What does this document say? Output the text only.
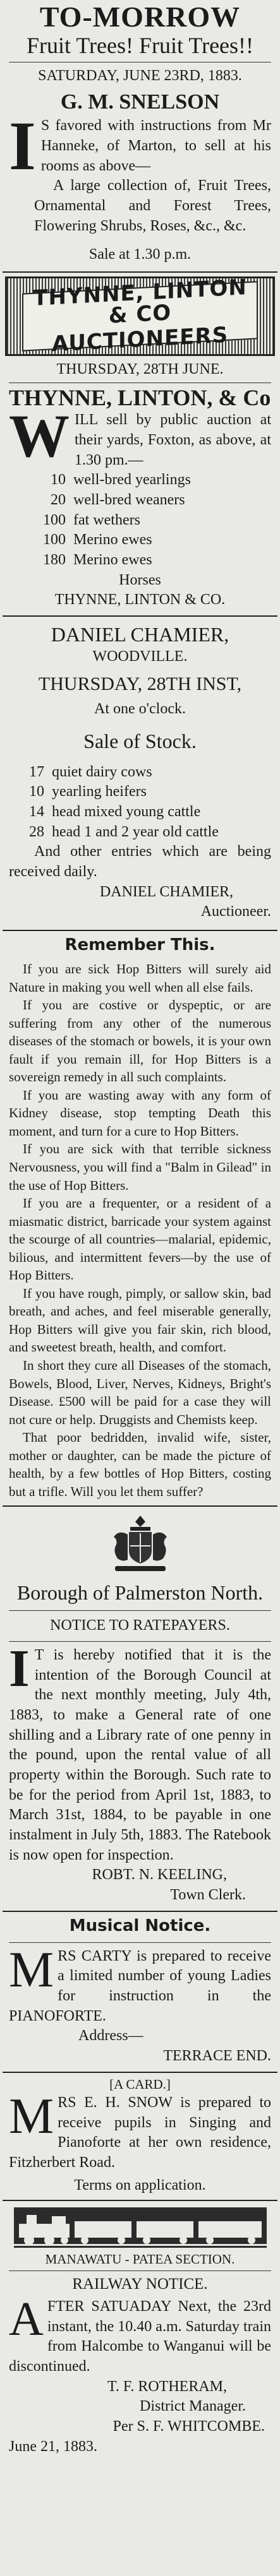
TO-MORROW
Fruit Trees! Fruit Trees!!
SATURDAY, JUNE 23RD, 1883.
G. M. SNELSON
I S favored with instructions from Mr Hanneke, of Marton, to sell at his rooms as above—
A large collection of, Fruit Trees, Ornamental and Forest Trees, Flowering Shrubs, Roses, &c., &c.
Sale at 1.30 p.m.
THYNNE, LINTON & CO
AUCTIONEERS
THURSDAY, 28TH JUNE.
THYNNE, LINTON, & Co
W ILL sell by public auction at their yards, Foxton, as above, at 1.30 pm.—
10 well-bred yearlings
20 well-bred weaners
100 fat wethers
100 Merino ewes
180 Merino ewes
Horses
THYNNE, LINTON & CO.
DANIEL CHAMIER,
WOODVILLE.
THURSDAY, 28TH INST,
At one o'clock.
Sale of Stock.
17 quiet dairy cows
10 yearling heifers
14 head mixed young cattle
28 head 1 and 2 year old cattle
And other entries which are being received daily.
DANIEL CHAMIER,
Auctioneer.
Remember This.
If you are sick Hop Bitters will surely aid Nature in making you well when all else fails.
If you are costive or dyspeptic, or are suffering from any other of the numerous diseases of the stomach or bowels, it is your own fault if you remain ill, for Hop Bitters is a sovereign remedy in all such complaints.
If you are wasting away with any form of Kidney disease, stop tempting Death this moment, and turn for a cure to Hop Bitters.
If you are sick with that terrible sickness Nervousness, you will find a "Balm in Gilead" in the use of Hop Bitters.
If you are a frequenter, or a resident of a miasmatic district, barricade your system against the scourge of all countries—malarial, epidemic, bilious, and intermittent fevers—by the use of Hop Bitters.
If you have rough, pimply, or sallow skin, bad breath, and aches, and feel miserable generally, Hop Bitters will give you fair skin, rich blood, and sweetest breath, health, and comfort.
In short they cure all Diseases of the stomach, Bowels, Blood, Liver, Nerves, Kidneys, Bright's Disease. £500 will be paid for a case they will not cure or help. Druggists and Chemists keep.
That poor bedridden, invalid wife, sister, mother or daughter, can be made the picture of health, by a few bottles of Hop Bitters, costing but a trifle. Will you let them suffer?
Borough of Palmerston North.
NOTICE TO RATEPAYERS.
I T is hereby notified that it is the intention of the Borough Council at the next monthly meeting, July 4th, 1883, to make a General rate of one shilling and a Library rate of one penny in the pound, upon the rental value of all property within the Borough. Such rate to be for the period from April 1st, 1883, to March 31st, 1884, to be payable in one instalment in July 5th, 1883. The Ratebook is now open for inspection.
ROBT. N. KEELING,
Town Clerk.
Musical Notice.
M RS CARTY is prepared to receive a limited number of young Ladies for instruction in the PIANOFORTE.
Address—
TERRACE END.
[A CARD.]
M RS E. H. SNOW is prepared to receive pupils in Singing and Pianoforte at her own residence, Fitzherbert Road.
Terms on application.
MANAWATU - PATEA SECTION.
RAILWAY NOTICE.
A FTER SATUADAY Next, the 23rd instant, the 10.40 a.m. Saturday train from Halcombe to Wanganui will be discontinued.
T. F. ROTHERAM,
District Manager.
Per S. F. WHITCOMBE.
June 21, 1883.
